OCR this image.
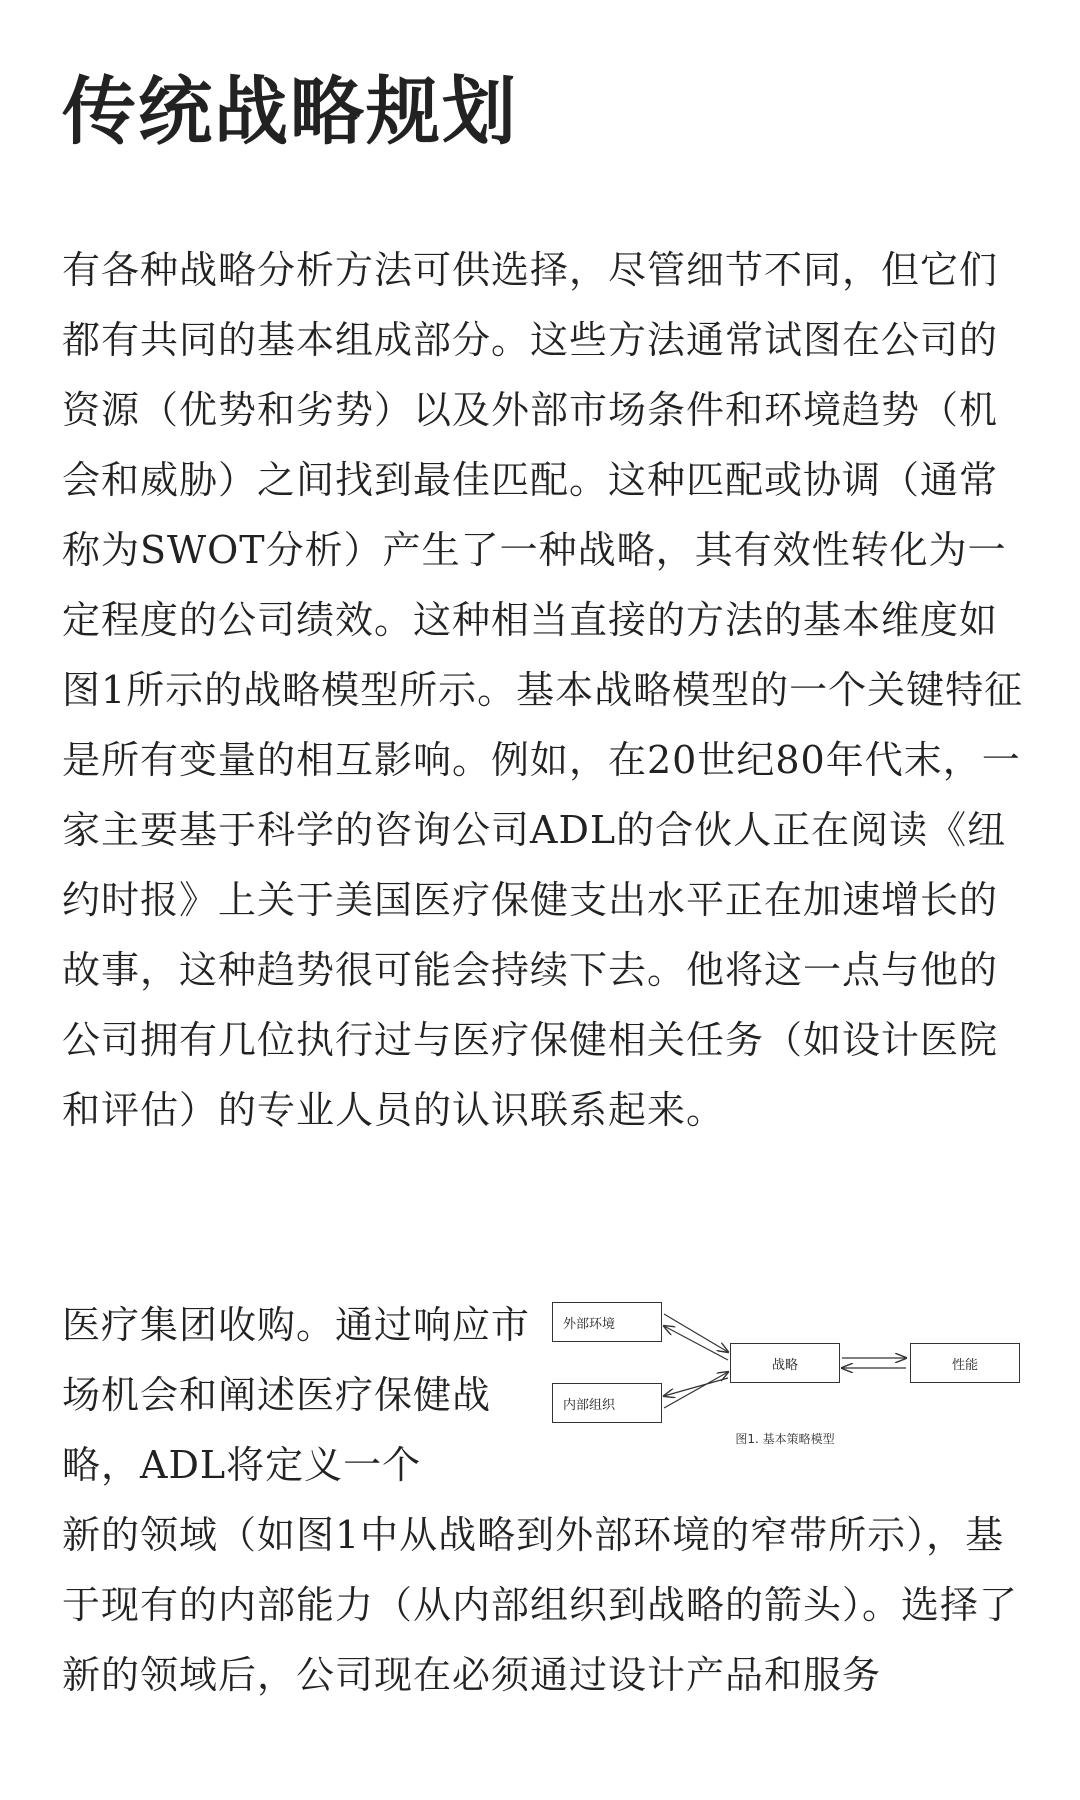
传统战略规划

有各种战略分析方法可供选择，尽管细节不同，但它们都有共同的基本组成部分。这些方法通常试图在公司的资源（优势和劣势）以及外部市场条件和环境趋势（机会和威胁）之间找到最佳匹配。这种匹配或协调（通常称为SWOT分析）产生了一种战略，其有效性转化为一定程度的公司绩效。这种相当直接的方法的基本维度如图1所示的战略模型所示。基本战略模型的一个关键特征是所有变量的相互影响。例如，在20世纪80年代末，一家主要基于科学的咨询公司ADL的合伙人正在阅读《纽约时报》上关于美国医疗保健支出水平正在加速增长的故事，这种趋势很可能会持续下去。他将这一点与他的公司拥有几位执行过与医疗保健相关任务（如设计医院和评估）的专业人员的认识联系起来。

医疗集团收购。通过响应市场机会和阐述医疗保健战略，ADL将定义一个

外部环境
内部组织
战略	性能
图1. 基本策略模型

新的领域（如图1中从战略到外部环境的窄带所示），基于现有的内部能力（从内部组织到战略的箭头）。选择了新的领域后，公司现在必须通过设计产品和服务
